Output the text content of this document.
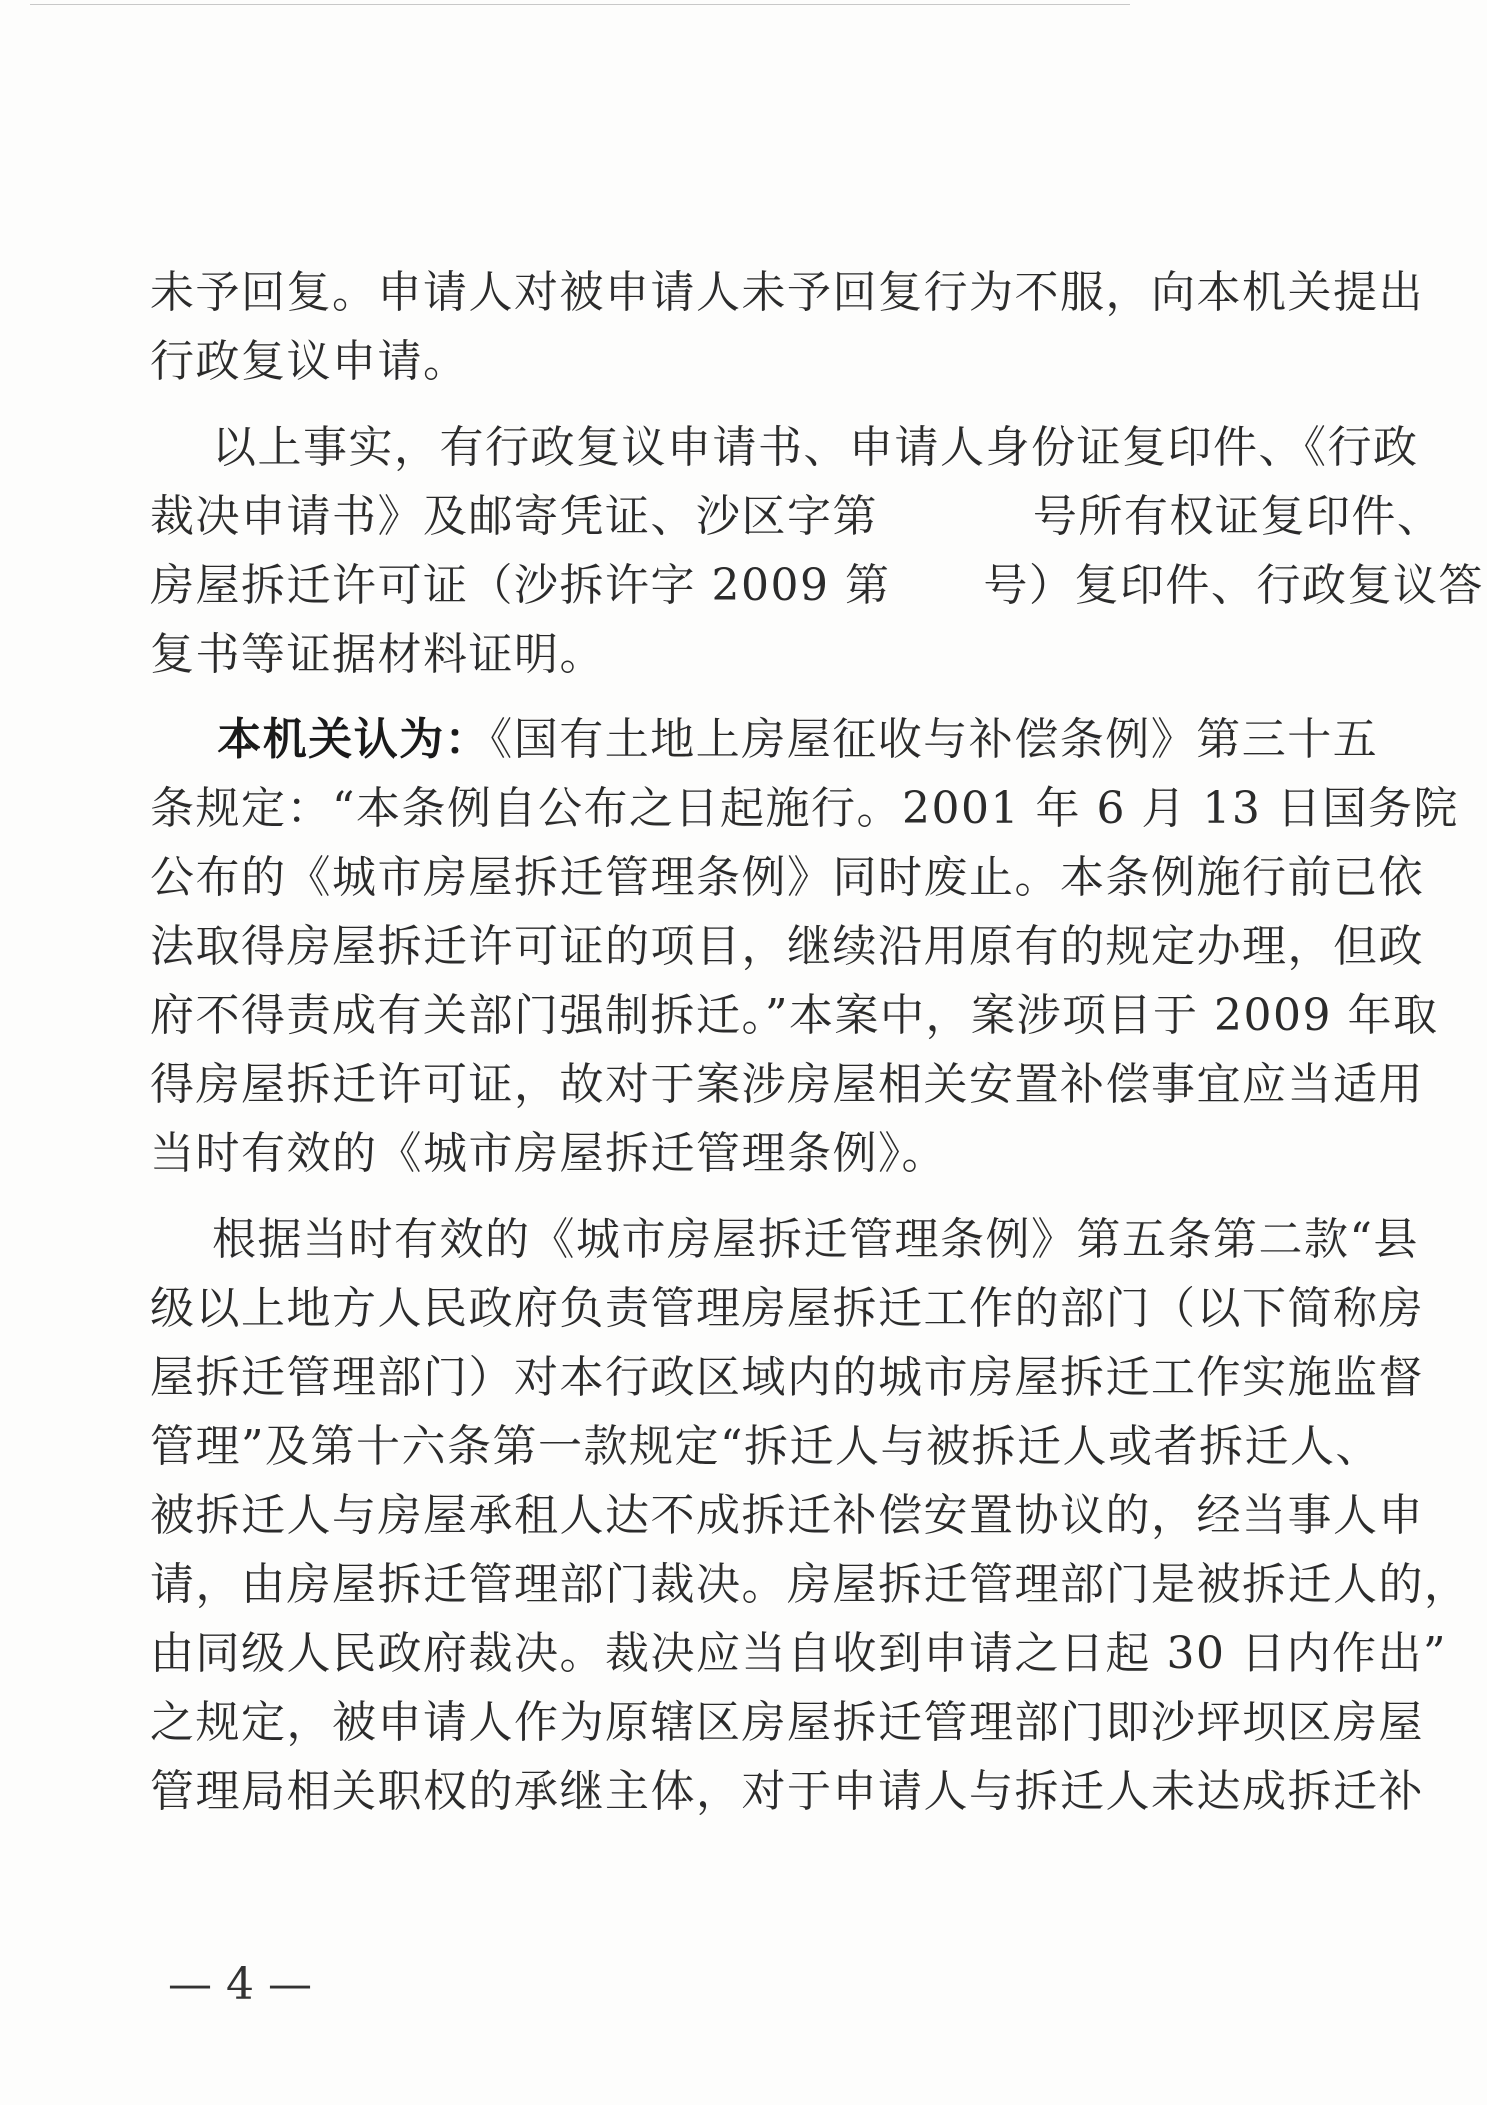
未予回复。申请人对被申请人未予回复行为不服，向本机关提出
行政复议申请。
以上事实，有行政复议申请书、申请人身份证复印件、《行政
裁决申请书》及邮寄凭证、沙区字第          号所有权证复印件、
房屋拆迁许可证（沙拆许字 2009 第      号）复印件、行政复议答
复书等证据材料证明。
本机关认为：《国有土地上房屋征收与补偿条例》第三十五
条规定：“本条例自公布之日起施行。2001 年 6 月 13 日国务院
公布的《城市房屋拆迁管理条例》同时废止。本条例施行前已依
法取得房屋拆迁许可证的项目，继续沿用原有的规定办理，但政
府不得责成有关部门强制拆迁。”本案中，案涉项目于 2009 年取
得房屋拆迁许可证，故对于案涉房屋相关安置补偿事宜应当适用
当时有效的《城市房屋拆迁管理条例》。
根据当时有效的《城市房屋拆迁管理条例》第五条第二款“县
级以上地方人民政府负责管理房屋拆迁工作的部门（以下简称房
屋拆迁管理部门）对本行政区域内的城市房屋拆迁工作实施监督
管理”及第十六条第一款规定“拆迁人与被拆迁人或者拆迁人、
被拆迁人与房屋承租人达不成拆迁补偿安置协议的，经当事人申
请，由房屋拆迁管理部门裁决。房屋拆迁管理部门是被拆迁人的，
由同级人民政府裁决。裁决应当自收到申请之日起 30 日内作出”
之规定，被申请人作为原辖区房屋拆迁管理部门即沙坪坝区房屋
管理局相关职权的承继主体，对于申请人与拆迁人未达成拆迁补
— 4 —
